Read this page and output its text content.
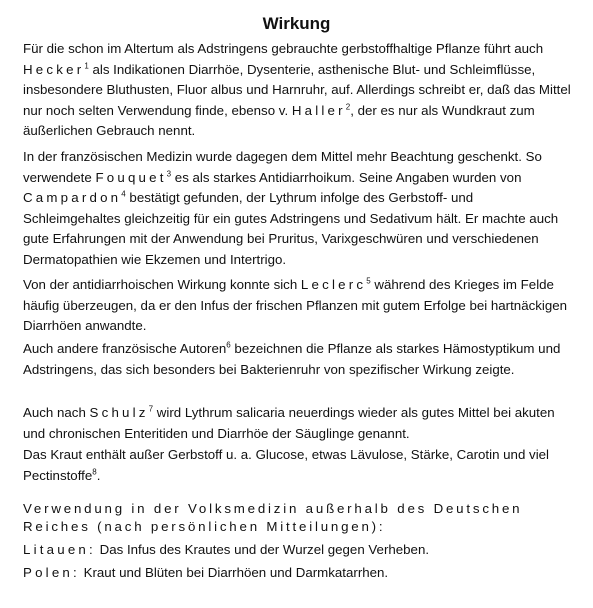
Wirkung

Für die schon im Altertum als Adstringens gebrauchte gerbstoffhaltige Pflanze führt auch Hecker$^1$ als Indikationen Diarrhöe, Dysenterie, asthenische Blut- und Schleimflüsse, insbesondere Bluthusten, Fluor albus und Harnruhr, auf. Allerdings schreibt er, daß das Mittel nur noch selten Verwendung finde, ebenso v. Haller$^2$, der es nur als Wundkraut zum äußerlichen Gebrauch nennt.

In der französischen Medizin wurde dagegen dem Mittel mehr Beachtung geschenkt. So verwendete Fouquet$^3$ es als starkes Antidiarrhoikum. Seine Angaben wurden von Campardon$^4$ bestätigt gefunden, der Lythrum infolge des Gerbstoff- und Schleimgehaltes gleichzeitig für ein gutes Adstringens und Sedativum hält. Er machte auch gute Erfahrungen mit der Anwendung bei Pruritus, Varixgeschwüren und verschiedenen Dermatopathien wie Ekzemen und Intertrigo.

Von der antidiarrhoischen Wirkung konnte sich Leclerc$^5$ während des Krieges im Felde häufig überzeugen, da er den Infus der frischen Pflanzen mit gutem Erfolge bei hartnäckigen Diarrhöen anwandte.

Auch andere französische Autoren$^6$ bezeichnen die Pflanze als starkes Hämostyptikum und Adstringens, das sich besonders bei Bakterienruhr von spezifischer Wirkung zeigte.

Auch nach Schulz$^7$ wird Lythrum salicaria neuerdings wieder als gutes Mittel bei akuten und chronischen Enteritiden und Diarrhöe der Säuglinge genannt.

Das Kraut enthält außer Gerbstoff u. a. Glucose, etwas Lävulose, Stärke, Carotin und viel Pectinstoffe$^8$.

Verwendung in der Volksmedizin außerhalb des Deutschen Reiches (nach persönlichen Mitteilungen):

Litauen: Das Infus des Krautes und der Wurzel gegen Verheben.

Polen: Kraut und Blüten bei Diarrhöen und Darmkatarrhen.
